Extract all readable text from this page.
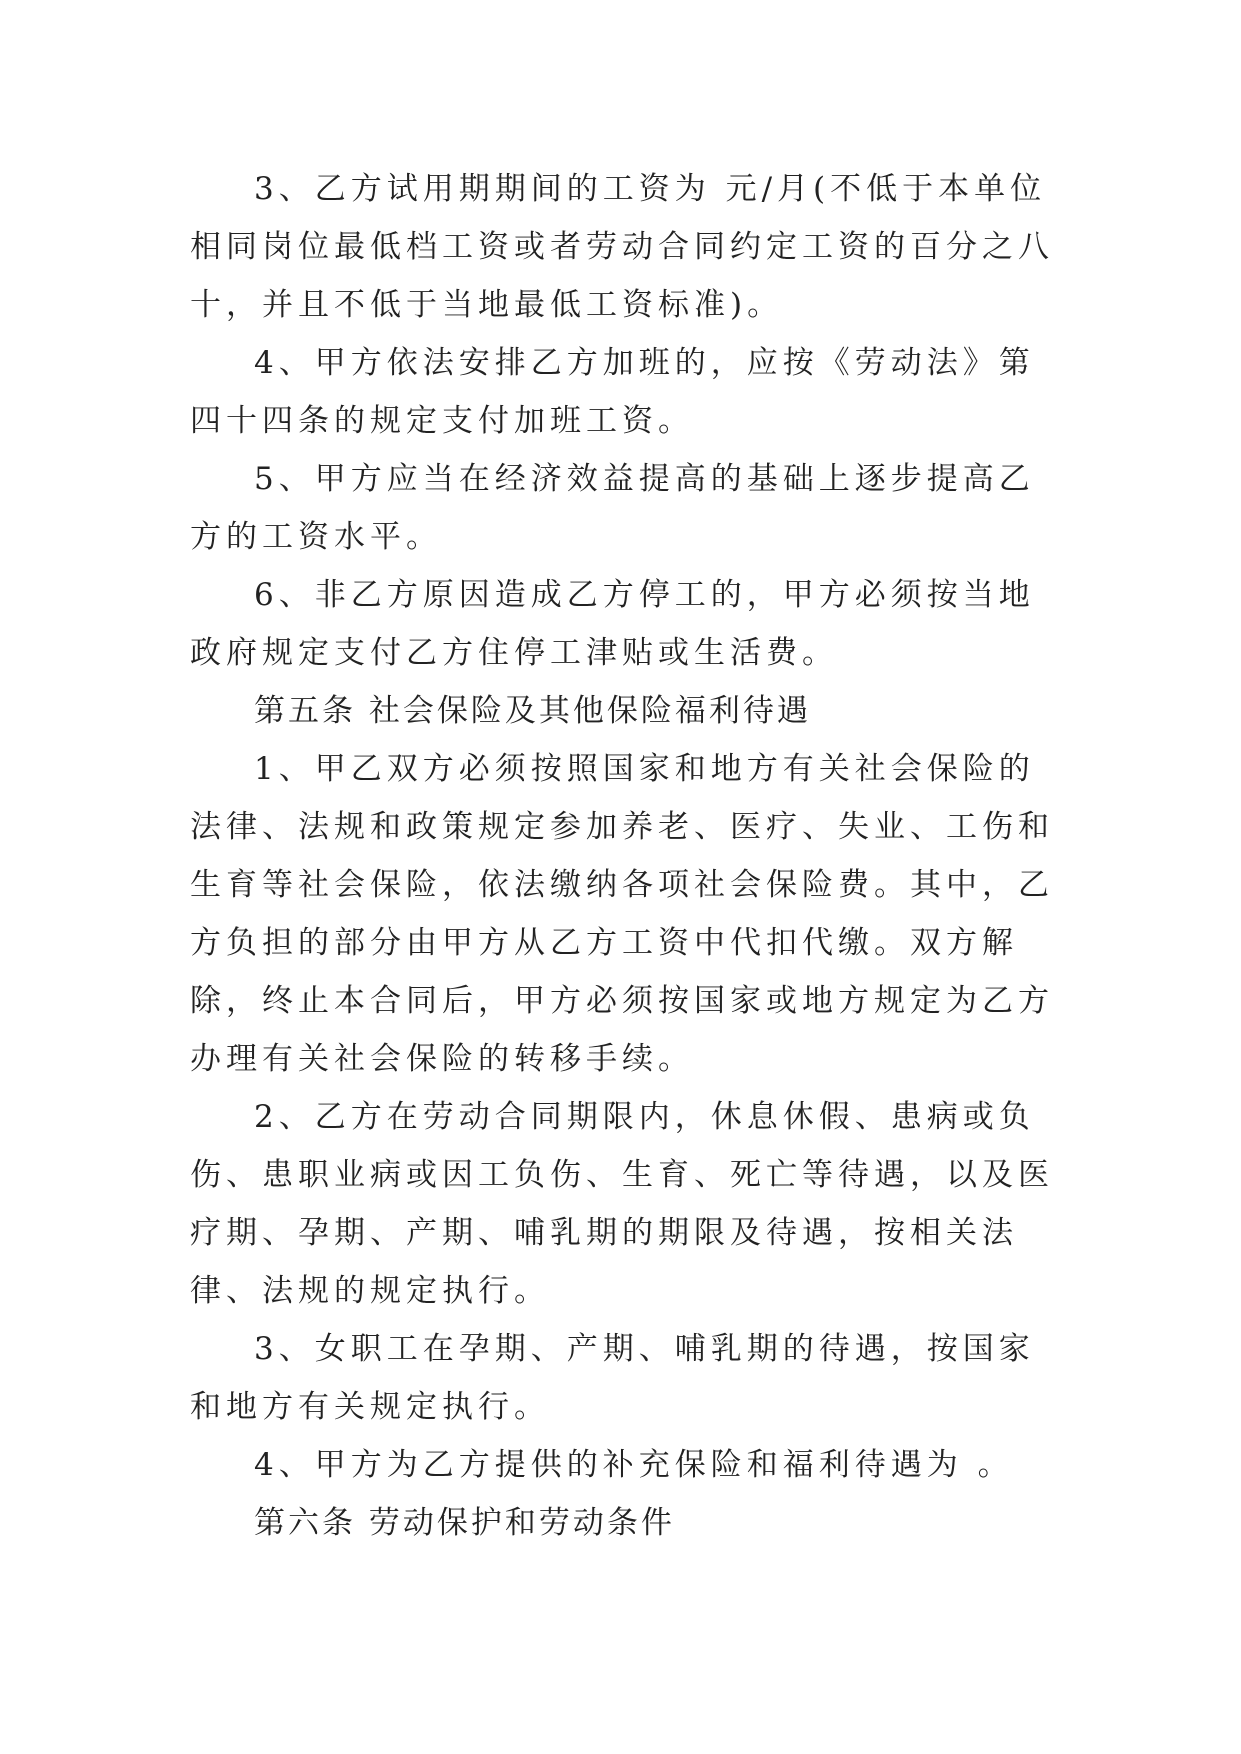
3、乙方试用期期间的工资为 元/月(不低于本单位相同岗位最低档工资或者劳动合同约定工资的百分之八十，并且不低于当地最低工资标准)。

4、甲方依法安排乙方加班的，应按《劳动法》第四十四条的规定支付加班工资。

5、甲方应当在经济效益提高的基础上逐步提高乙方的工资水平。

6、非乙方原因造成乙方停工的，甲方必须按当地政府规定支付乙方住停工津贴或生活费。

第五条 社会保险及其他保险福利待遇

1、甲乙双方必须按照国家和地方有关社会保险的法律、法规和政策规定参加养老、医疗、失业、工伤和生育等社会保险，依法缴纳各项社会保险费。其中，乙方负担的部分由甲方从乙方工资中代扣代缴。双方解除，终止本合同后，甲方必须按国家或地方规定为乙方办理有关社会保险的转移手续。

2、乙方在劳动合同期限内，休息休假、患病或负伤、患职业病或因工负伤、生育、死亡等待遇，以及医疗期、孕期、产期、哺乳期的期限及待遇，按相关法律、法规的规定执行。

3、女职工在孕期、产期、哺乳期的待遇，按国家和地方有关规定执行。

4、甲方为乙方提供的补充保险和福利待遇为 。

第六条 劳动保护和劳动条件
